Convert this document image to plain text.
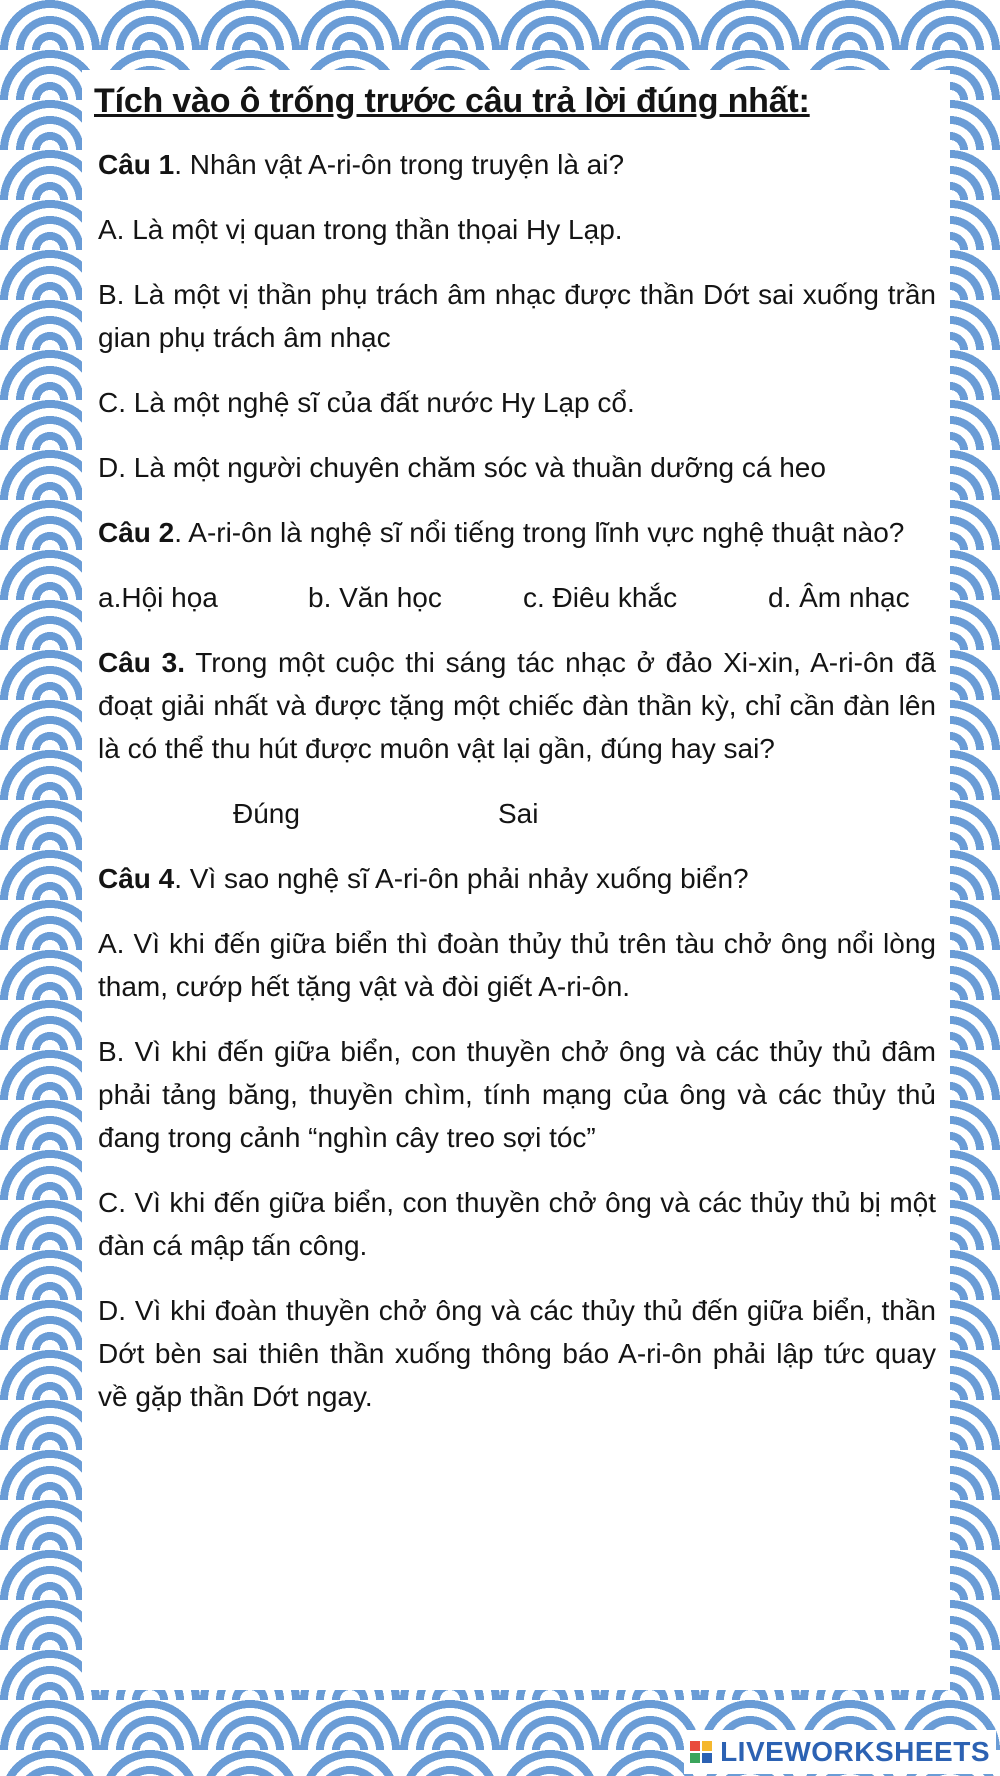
Tích vào ô trống trước câu trả lời đúng nhất:
Câu 1. Nhân vật A-ri-ôn trong truyện là ai?
A. Là một vị quan trong thần thọai Hy Lạp.
B. Là một vị thần phụ trách âm nhạc được thần Dớt sai xuống trần gian phụ trách âm nhạc
C. Là một nghệ sĩ của đất nước Hy Lạp cổ.
D. Là một người chuyên chăm sóc và thuần dưỡng cá heo
Câu 2. A-ri-ôn là nghệ sĩ nổi tiếng trong lĩnh vực nghệ thuật nào?
a.Hội họa	b. Văn học	c. Điêu khắc	d. Âm nhạc
Câu 3. Trong một cuộc thi sáng tác nhạc ở đảo Xi-xin, A-ri-ôn đã đoạt giải nhất và được tặng một chiếc đàn thần kỳ, chỉ cần đàn lên là có thể thu hút được muôn vật lại gần, đúng hay sai?
Đúng	Sai
Câu 4. Vì sao nghệ sĩ A-ri-ôn phải nhảy xuống biển?
A. Vì khi đến giữa biển thì đoàn thủy thủ trên tàu chở ông nổi lòng tham, cướp hết tặng vật và đòi giết A-ri-ôn.
B. Vì khi đến giữa biển, con thuyền chở ông và các thủy thủ đâm phải tảng băng, thuyền chìm, tính mạng của ông và các thủy thủ đang trong cảnh “nghìn cây treo sợi tóc”
C. Vì khi đến giữa biển, con thuyền chở ông và các thủy thủ bị một đàn cá mập tấn công.
D. Vì khi đoàn thuyền chở ông và các thủy thủ đến giữa biển, thần Dớt bèn sai thiên thần xuống thông báo A-ri-ôn phải lập tức quay về gặp thần Dớt ngay.
LIVEWORKSHEETS
